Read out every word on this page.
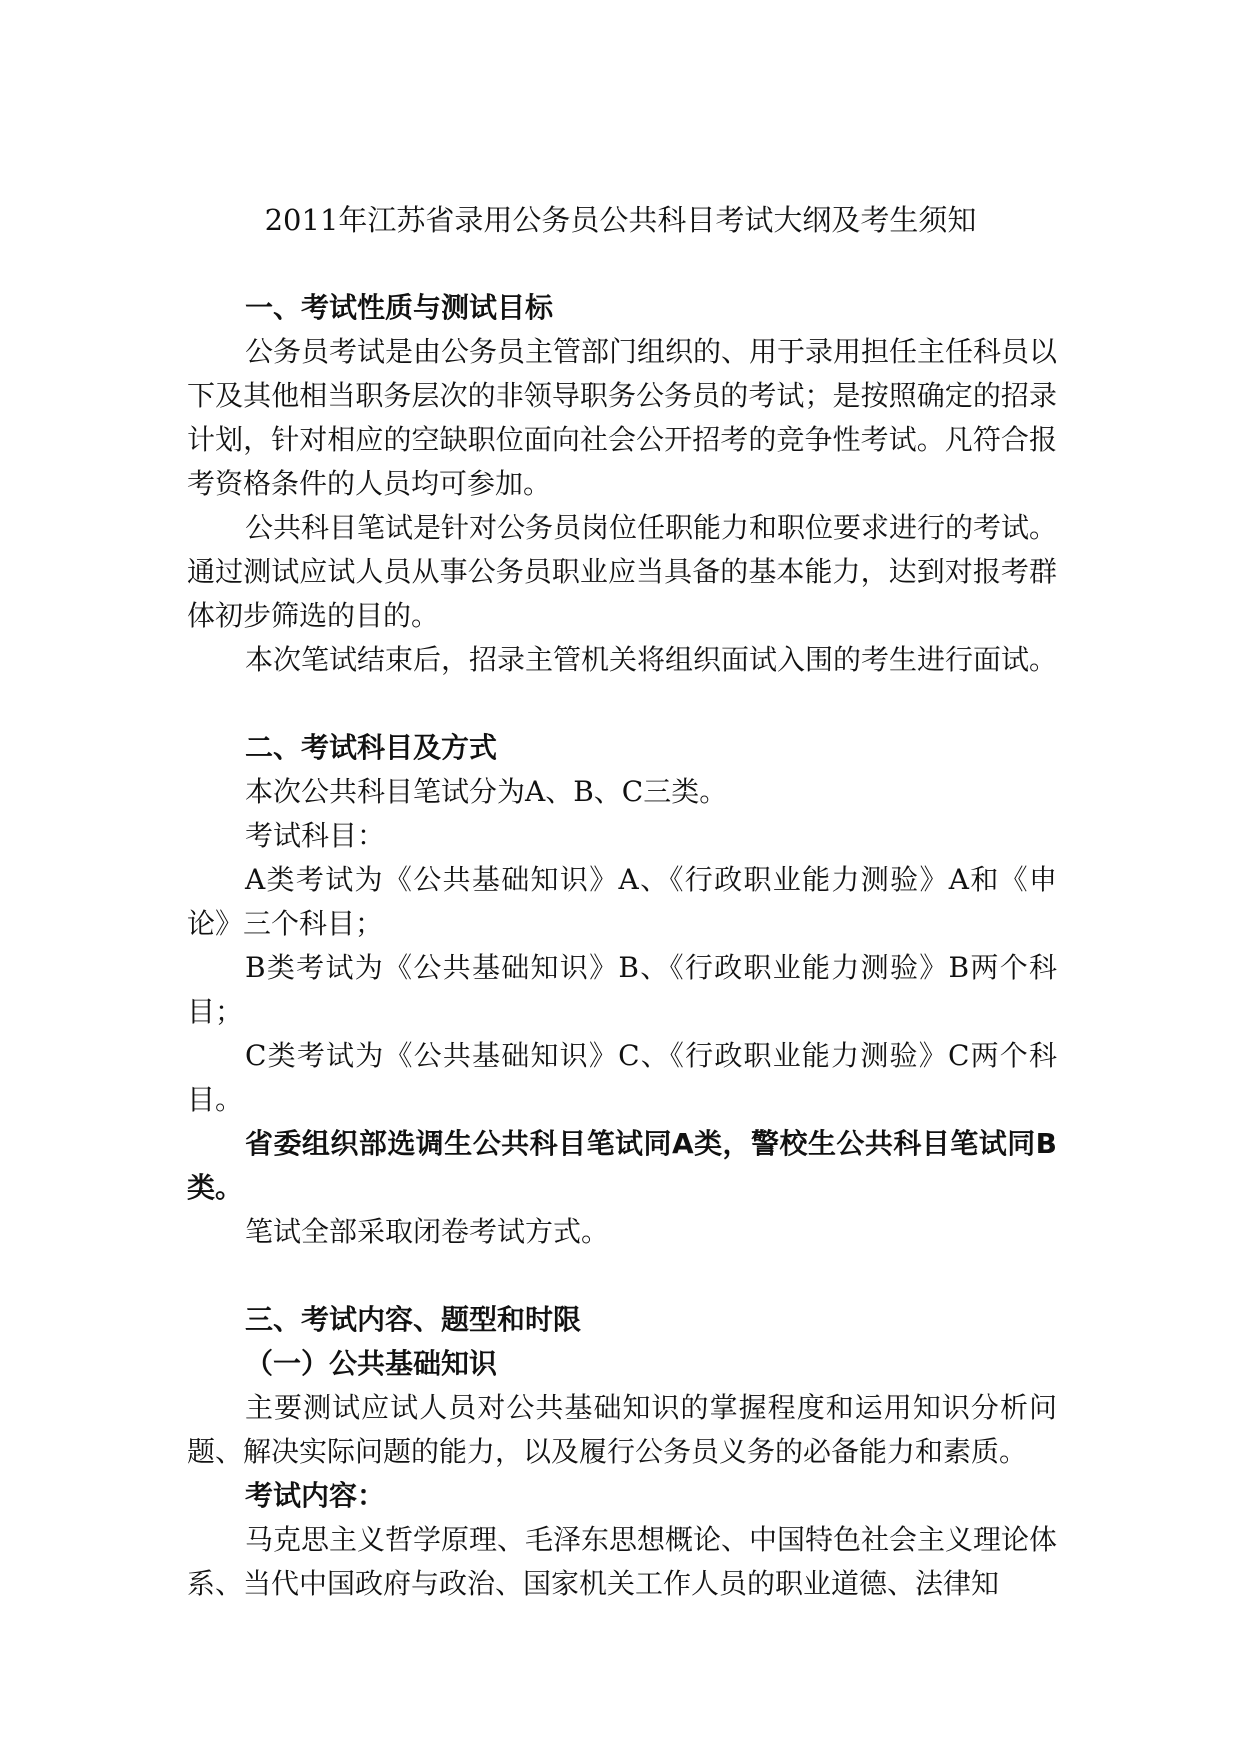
2011年江苏省录用公务员公共科目考试大纲及考生须知
一、考试性质与测试目标

公务员考试是由公务员主管部门组织的、用于录用担任主任科员以下及其他相当职务层次的非领导职务公务员的考试；是按照确定的招录计划，针对相应的空缺职位面向社会公开招考的竞争性考试。凡符合报考资格条件的人员均可参加。

公共科目笔试是针对公务员岗位任职能力和职位要求进行的考试。通过测试应试人员从事公务员职业应当具备的基本能力，达到对报考群体初步筛选的目的。

本次笔试结束后，招录主管机关将组织面试入围的考生进行面试。

二、考试科目及方式

本次公共科目笔试分为A、B、C三类。

考试科目：

A类考试为《公共基础知识》A、《行政职业能力测验》A和《申论》三个科目；

B类考试为《公共基础知识》B、《行政职业能力测验》B两个科目；

C类考试为《公共基础知识》C、《行政职业能力测验》C两个科目。

省委组织部选调生公共科目笔试同A类，警校生公共科目笔试同B类。

笔试全部采取闭卷考试方式。

三、考试内容、题型和时限
（一）公共基础知识

主要测试应试人员对公共基础知识的掌握程度和运用知识分析问题、解决实际问题的能力，以及履行公务员义务的必备能力和素质。

考试内容：

马克思主义哲学原理、毛泽东思想概论、中国特色社会主义理论体系、当代中国政府与政治、国家机关工作人员的职业道德、法律知
